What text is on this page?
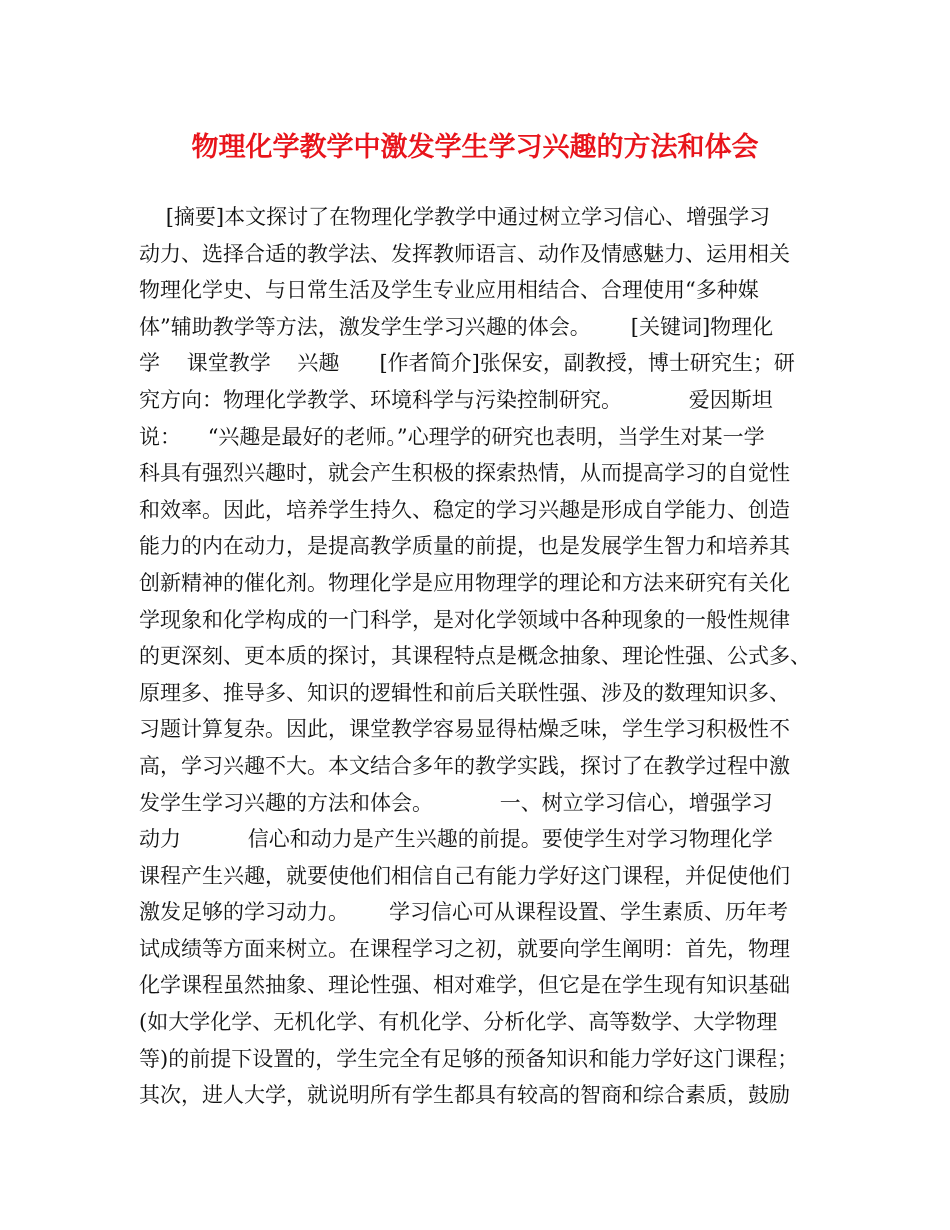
物理化学教学中激发学生学习兴趣的方法和体会
[摘要]本文探讨了在物理化学教学中通过树立学习信心、增强学习
动力、选择合适的教学法、发挥教师语言、动作及情感魅力、运用相关
物理化学史、与日常生活及学生专业应用相结合、合理使用“多种媒
体”辅助教学等方法，激发学生学习兴趣的体会。      [关键词]物理化
学    课堂教学    兴趣      [作者简介]张保安，副教授，博士研究生；研
究方向：物理化学教学、环境科学与污染控制研究。          爱因斯坦
说：    “兴趣是最好的老师。”心理学的研究也表明，当学生对某一学
科具有强烈兴趣时，就会产生积极的探索热情，从而提高学习的自觉性
和效率。因此，培养学生持久、稳定的学习兴趣是形成自学能力、创造
能力的内在动力，是提高教学质量的前提，也是发展学生智力和培养其
创新精神的催化剂。物理化学是应用物理学的理论和方法来研究有关化
学现象和化学构成的一门科学，是对化学领域中各种现象的一般性规律
的更深刻、更本质的探讨，其课程特点是概念抽象、理论性强、公式多、
原理多、推导多、知识的逻辑性和前后关联性强、涉及的数理知识多、
习题计算复杂。因此，课堂教学容易显得枯燥乏味，学生学习积极性不
高，学习兴趣不大。本文结合多年的教学实践，探讨了在教学过程中激
发学生学习兴趣的方法和体会。          一、树立学习信心，增强学习
动力          信心和动力是产生兴趣的前提。要使学生对学习物理化学
课程产生兴趣，就要使他们相信自己有能力学好这门课程，并促使他们
激发足够的学习动力。      学习信心可从课程设置、学生素质、历年考
试成绩等方面来树立。在课程学习之初，就要向学生阐明：首先，物理
化学课程虽然抽象、理论性强、相对难学，但它是在学生现有知识基础
(如大学化学、无机化学、有机化学、分析化学、高等数学、大学物理
等)的前提下设置的，学生完全有足够的预备知识和能力学好这门课程；
其次，进人大学，就说明所有学生都具有较高的智商和综合素质，鼓励
